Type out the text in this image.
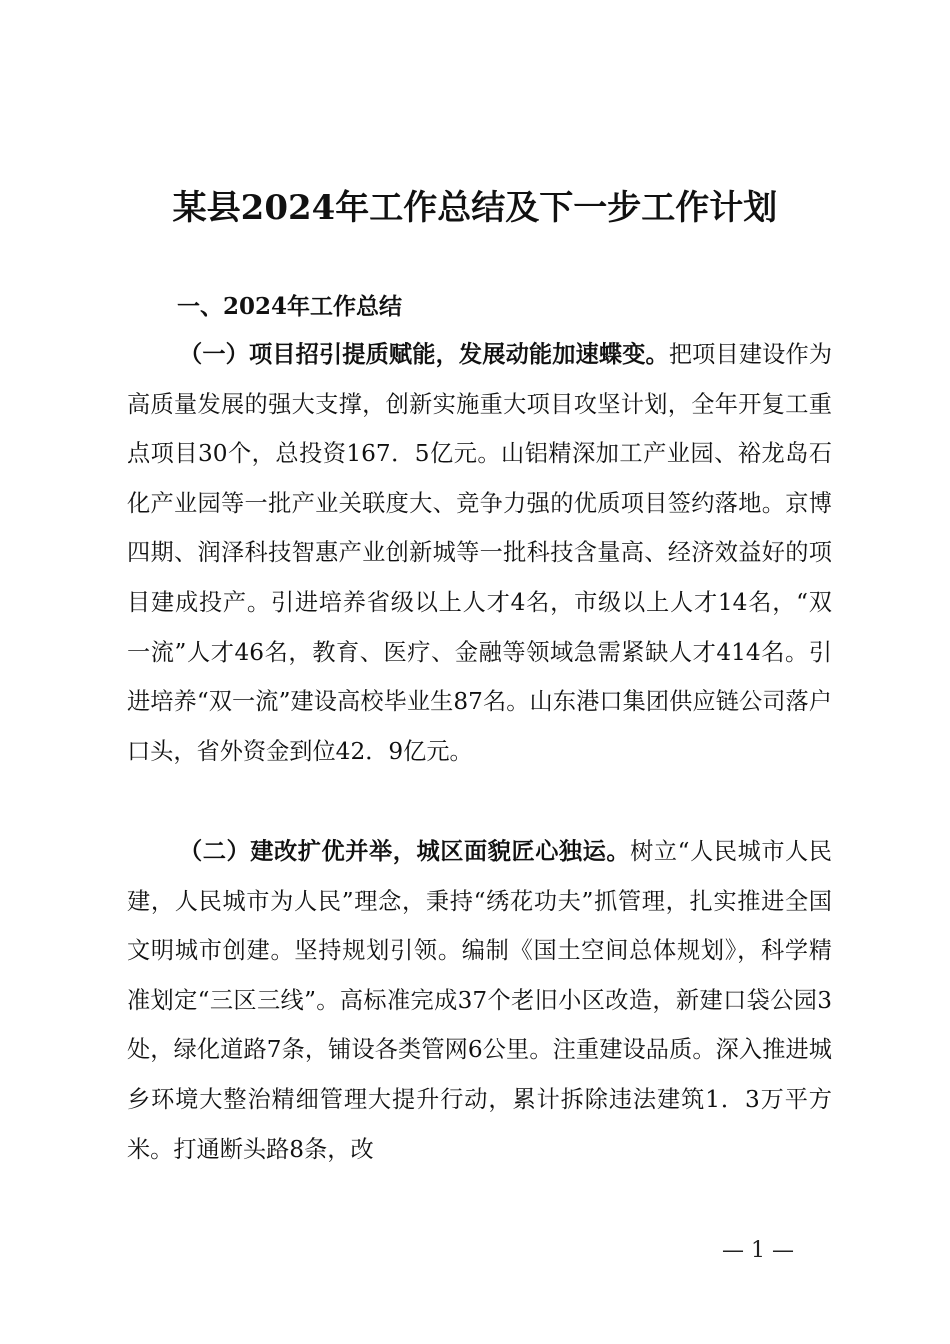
某县2024年工作总结及下一步工作计划
一、2024年工作总结

（一）项目招引提质赋能，发展动能加速蝶变。把项目建设作为高质量发展的强大支撑，创新实施重大项目攻坚计划，全年开复工重点项目30个，总投资167．5亿元。山铝精深加工产业园、裕龙岛石化产业园等一批产业关联度大、竞争力强的优质项目签约落地。京博四期、润泽科技智惠产业创新城等一批科技含量高、经济效益好的项目建成投产。引进培养省级以上人才4名，市级以上人才14名，“双一流”人才46名，教育、医疗、金融等领域急需紧缺人才414名。引进培养“双一流”建设高校毕业生87名。山东港口集团供应链公司落户口头，省外资金到位42．9亿元。

（二）建改扩优并举，城区面貌匠心独运。树立“人民城市人民建，人民城市为人民”理念，秉持“绣花功夫”抓管理，扎实推进全国文明城市创建。坚持规划引领。编制《国土空间总体规划》，科学精准划定“三区三线”。高标准完成37个老旧小区改造，新建口袋公园3处，绿化道路7条，铺设各类管网6公里。注重建设品质。深入推进城乡环境大整治精细管理大提升行动，累计拆除违法建筑1．3万平方米。打通断头路8条，改

— 1 —
